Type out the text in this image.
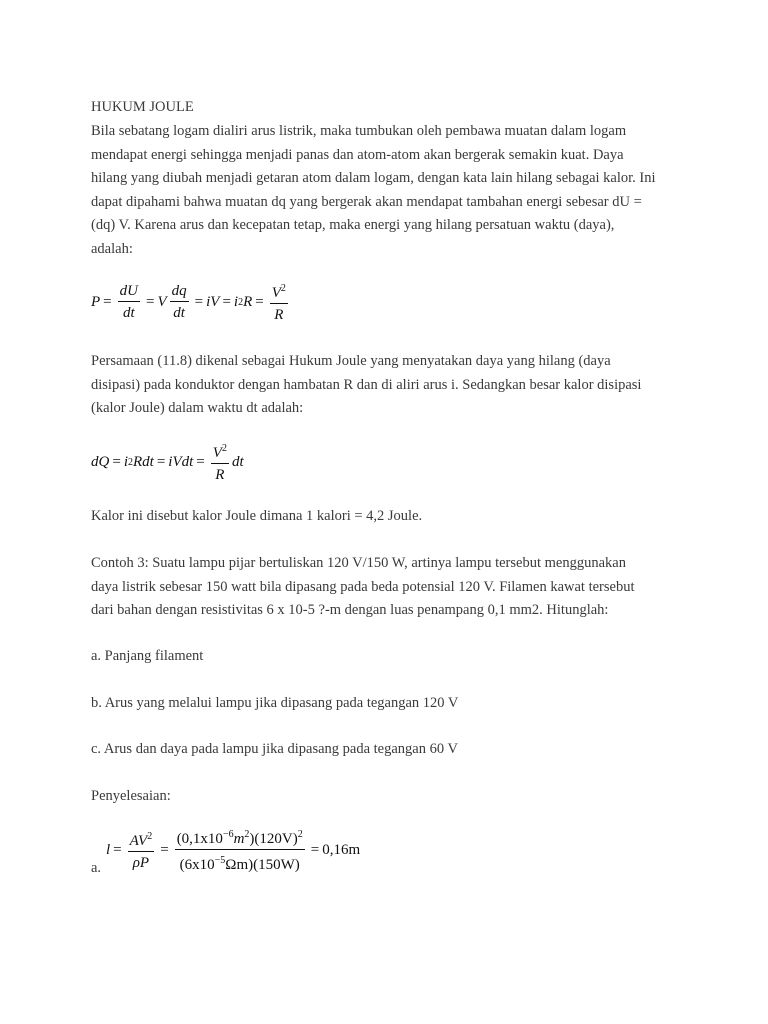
HUKUM JOULE
Bila sebatang logam dialiri arus listrik, maka tumbukan oleh pembawa muatan dalam logam
mendapat energi sehingga menjadi panas dan atom-atom akan bergerak semakin kuat. Daya
hilang yang diubah menjadi getaran atom dalam logam, dengan kata lain hilang sebagai kalor. Ini
dapat dipahami bahwa muatan dq yang bergerak akan mendapat tambahan energi sebesar dU =
(dq) V. Karena arus dan kecepatan tetap, maka energi yang hilang persatuan waktu (daya),
adalah:
$P = \frac{dU}{dt} = V \frac{dq}{dt}$ = iV = i 2 $R = \frac{V^2}{R}$
Persamaan (11.8) dikenal sebagai Hukum Joule yang menyatakan daya yang hilang (daya
disipasi) pada konduktor dengan hambatan R dan di aliri arus i. Sedangkan besar kalor disipasi
(kalor Joule) dalam waktu dt adalah:
dQ = i 2 Rdt = iVdt = $\frac{V^2}{R}$ dt
Kalor ini disebut kalor Joule dimana 1 kalori = 4,2 Joule.
Contoh 3: Suatu lampu pijar bertuliskan 120 V/150 W, artinya lampu tersebut menggunakan
daya listrik sebesar 150 watt bila dipasang pada beda potensial 120 V. Filamen kawat tersebut
dari bahan dengan resistivitas 6 x 10-5 ?-m dengan luas penampang 0,1 mm2. Hitunglah:
a. Panjang filament
b. Arus yang melalui lampu jika dipasang pada tegangan 120 V
c. Arus dan daya pada lampu jika dipasang pada tegangan 60 V
Penyelesaian:
a.
$l = \frac{AV^2}{\rho P} = \frac{(0,1x10^{-6}m^2)(120V)^2}{(6x10^{-5}\Omega m)(150W)} = 0,16m$
